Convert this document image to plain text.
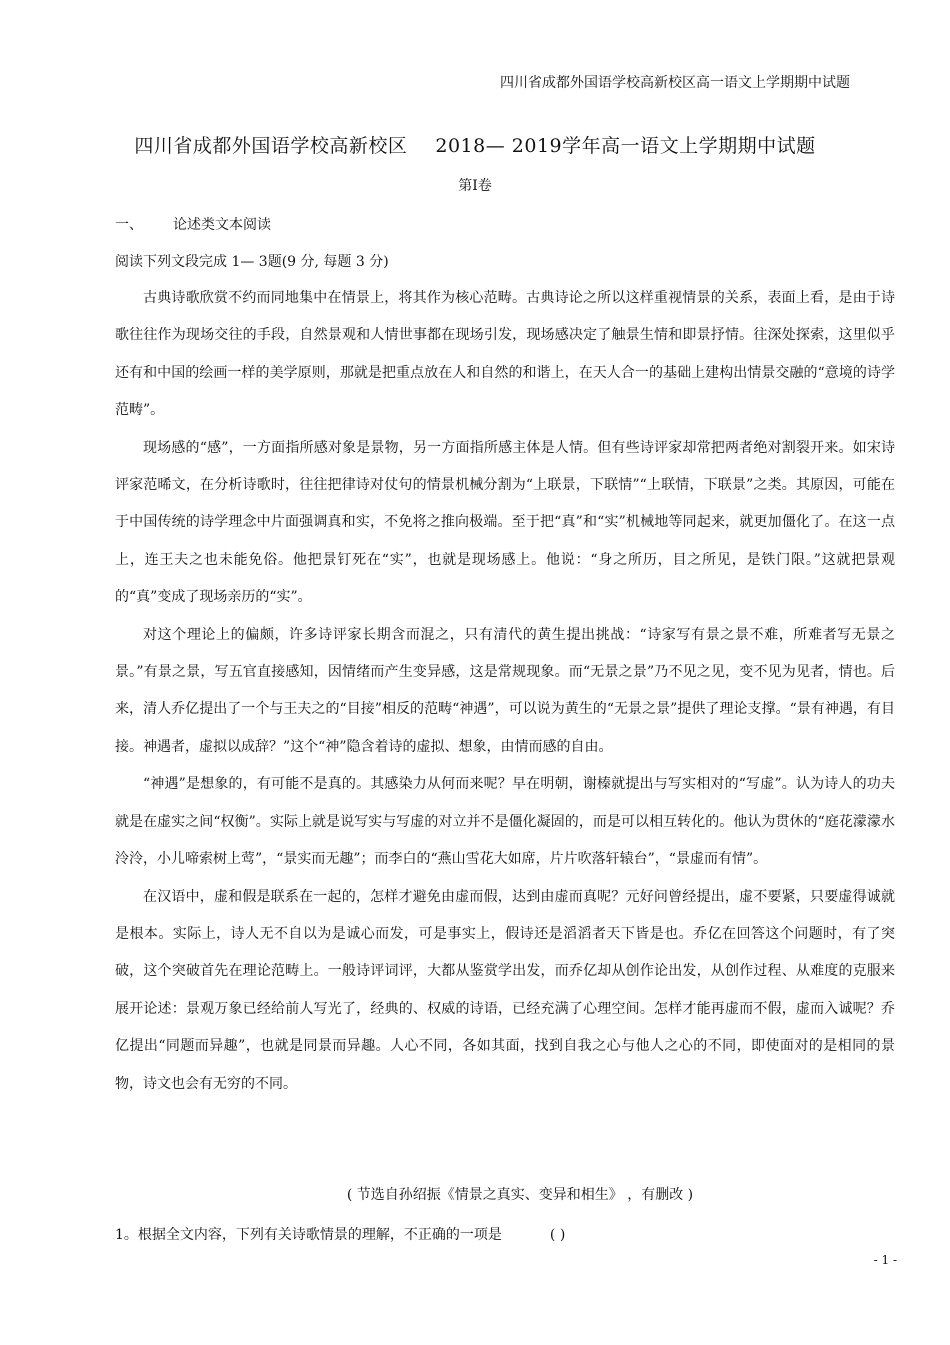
四川省成都外国语学校高新校区高一语文上学期期中试题
四川省成都外国语学校高新校区 2018— 2019学年高一语文上学期期中试题
第Ⅰ卷
一、 论述类文本阅读
阅读下列文段完成 1— 3题(9 分, 每题 3 分)

古典诗歌欣赏不约而同地集中在情景上，将其作为核心范畴。古典诗论之所以这样重视情景的关系，表面上看，是由于诗歌往往作为现场交往的手段，自然景观和人情世事都在现场引发，现场感决定了触景生情和即景抒情。往深处探索，这里似乎还有和中国的绘画一样的美学原则，那就是把重点放在人和自然的和谐上，在天人合一的基础上建构出情景交融的“意境的诗学范畴”。

现场感的“感”，一方面指所感对象是景物，另一方面指所感主体是人情。但有些诗评家却常把两者绝对割裂开来。如宋诗评家范晞文，在分析诗歌时，往往把律诗对仗句的情景机械分割为“上联景，下联情”“上联情，下联景”之类。其原因，可能在于中国传统的诗学理念中片面强调真和实，不免将之推向极端。至于把“真”和“实”机械地等同起来，就更加僵化了。在这一点上，连王夫之也未能免俗。他把景钉死在“实”，也就是现场感上。他说：“身之所历，目之所见，是铁门限。”这就把景观的“真”变成了现场亲历的“实”。

对这个理论上的偏颇，许多诗评家长期含而混之，只有清代的黄生提出挑战：“诗家写有景之景不难，所难者写无景之景。”有景之景，写五官直接感知，因情绪而产生变异感，这是常规现象。而“无景之景”乃不见之见，变不见为见者，情也。后来，清人乔亿提出了一个与王夫之的“目接”相反的范畴“神遇”，可以说为黄生的“无景之景”提供了理论支撑。“景有神遇，有目接。神遇者，虚拟以成辞？”这个“神”隐含着诗的虚拟、想象，由情而感的自由。

“神遇”是想象的，有可能不是真的。其感染力从何而来呢？早在明朝，谢榛就提出与写实相对的“写虚”。认为诗人的功夫就是在虚实之间“权衡”。实际上就是说写实与写虚的对立并不是僵化凝固的，而是可以相互转化的。他认为贯休的“庭花濛濛水泠泠，小儿啼索树上莺”，“景实而无趣”；而李白的“燕山雪花大如席，片片吹落轩辕台”，“景虚而有情”。

在汉语中，虚和假是联系在一起的，怎样才避免由虚而假，达到由虚而真呢？元好问曾经提出，虚不要紧，只要虚得诚就是根本。实际上，诗人无不自以为是诚心而发，可是事实上，假诗还是滔滔者天下皆是也。乔亿在回答这个问题时，有了突破，这个突破首先在理论范畴上。一般诗评词评，大都从鉴赏学出发，而乔亿却从创作论出发，从创作过程、从难度的克服来展开论述：景观万象已经给前人写光了，经典的、权威的诗语，已经充满了心理空间。怎样才能再虚而不假，虚而入诚呢？乔亿提出“同题而异趣”，也就是同景而异趣。人心不同，各如其面，找到自我之心与他人之心的不同，即使面对的是相同的景物，诗文也会有无穷的不同。

( 节选自孙绍振《情景之真实、变异和相生》 ，有删改 )
1。根据全文内容，下列有关诗歌情景的理解，不正确的一项是	( )
- 1 -
